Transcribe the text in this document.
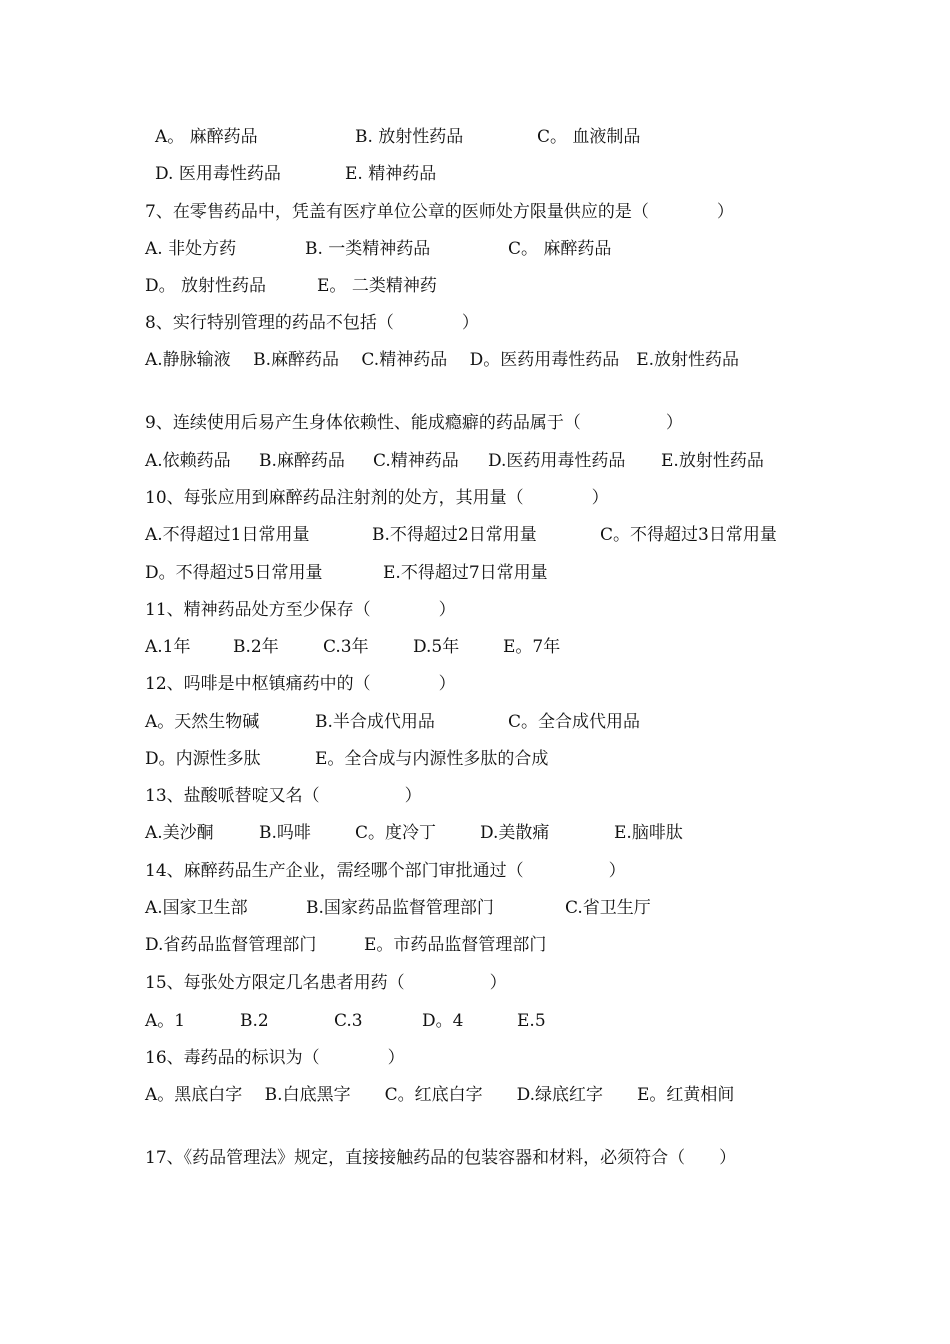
A。 麻醉药品	B. 放射性药品	C。 血液制品
D. 医用毒性药品	E. 精神药品
7、在零售药品中，凭盖有医疗单位公章的医师处方限量供应的是（　　　　）
A. 非处方药	B. 一类精神药品	C。 麻醉药品
D。 放射性药品	E。 二类精神药
8、实行特别管理的药品不包括（　　　　）
A.静脉输液　 B.麻醉药品　 C.精神药品　 D。医药用毒性药品　E.放射性药品
9、连续使用后易产生身体依赖性、能成瘾癖的药品属于（　　　　　）
A.依赖药品 B.麻醉药品 C.精神药品 D.医药用毒性药品 E.放射性药品
10、每张应用到麻醉药品注射剂的处方，其用量（　　　　）
A.不得超过1日常用量	B.不得超过2日常用量	C。不得超过3日常用量
D。不得超过5日常用量	E.不得超过7日常用量
11、精神药品处方至少保存（　　　　）
A.1年	B.2年	C.3年	D.5年	E。7年
12、吗啡是中枢镇痛药中的（　　　　）
A。天然生物碱	B.半合成代用品	C。全合成代用品
D。内源性多肽	E。全合成与内源性多肽的合成
13、盐酸哌替啶又名（　　　　　）
A.美沙酮	B.吗啡	C。度冷丁	D.美散痛	E.脑啡肽
14、麻醉药品生产企业，需经哪个部门审批通过（　　　　　）
A.国家卫生部	B.国家药品监督管理部门	C.省卫生厅
D.省药品监督管理部门	E。市药品监督管理部门
15、每张处方限定几名患者用药（　　　　　）
A。1	B.2	C.3	D。4	E.5
16、毒药品的标识为（　　　　）
A。黑底白字　 B.白底黑字　　C。红底白字　　D.绿底红字　　E。红黄相间
17、《药品管理法》规定，直接接触药品的包装容器和材料，必须符合（　　）
